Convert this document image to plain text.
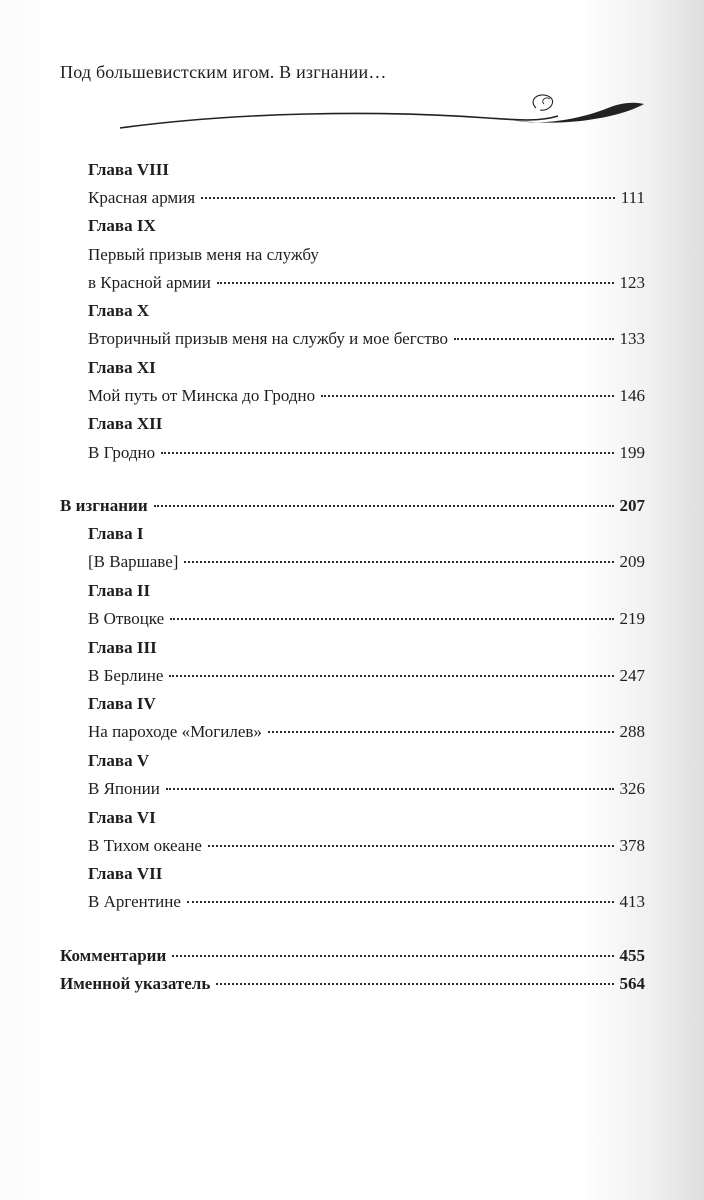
Под большевистским игом. В изгнании…
Глава VIII
Красная армия	111
Глава IX
Первый призыв меня на службу
в Красной армии	123
Глава X
Вторичный призыв меня на службу и мое бегство	133
Глава XI
Мой путь от Минска до Гродно	146
Глава XII
В Гродно	199
В изгнании	207
Глава I
[В Варшаве]	209
Глава II
В Отвоцке	219
Глава III
В Берлине	247
Глава IV
На пароходе «Могилев»	288
Глава V
В Японии	326
Глава VI
В Тихом океане	378
Глава VII
В Аргентине	413
Комментарии	455
Именной указатель	564
